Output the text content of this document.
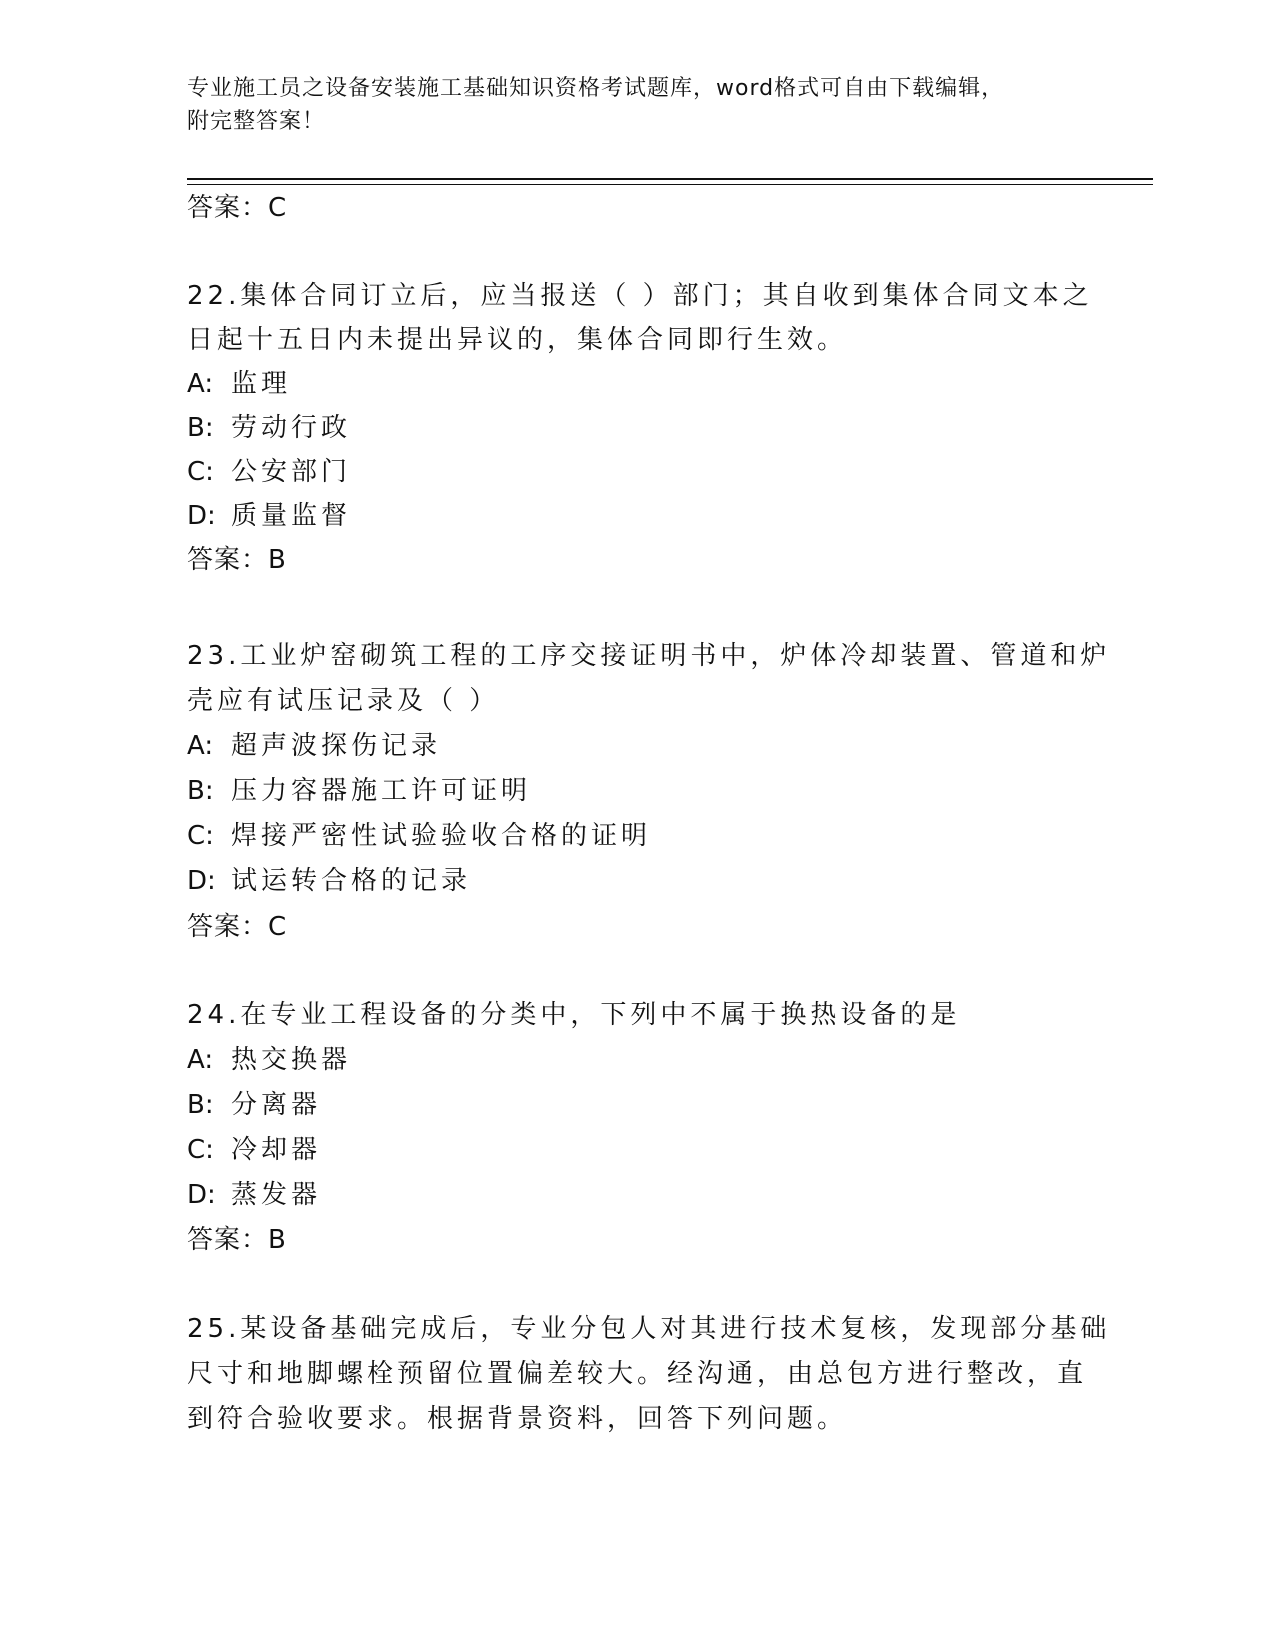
专业施工员之设备安装施工基础知识资格考试题库，word格式可自由下载编辑，
附完整答案！
答案：C
22.集体合同订立后，应当报送（ ）部门；其自收到集体合同文本之
日起十五日内未提出异议的，集体合同即行生效。
A: 监理
B: 劳动行政
C: 公安部门
D: 质量监督
答案：B
23.工业炉窑砌筑工程的工序交接证明书中，炉体冷却装置、管道和炉
壳应有试压记录及（ ）
A: 超声波探伤记录
B: 压力容器施工许可证明
C: 焊接严密性试验验收合格的证明
D: 试运转合格的记录
答案：C
24.在专业工程设备的分类中，下列中不属于换热设备的是
A: 热交换器
B: 分离器
C: 冷却器
D: 蒸发器
答案：B
25.某设备基础完成后，专业分包人对其进行技术复核，发现部分基础
尺寸和地脚螺栓预留位置偏差较大。经沟通，由总包方进行整改，直
到符合验收要求。根据背景资料，回答下列问题。
